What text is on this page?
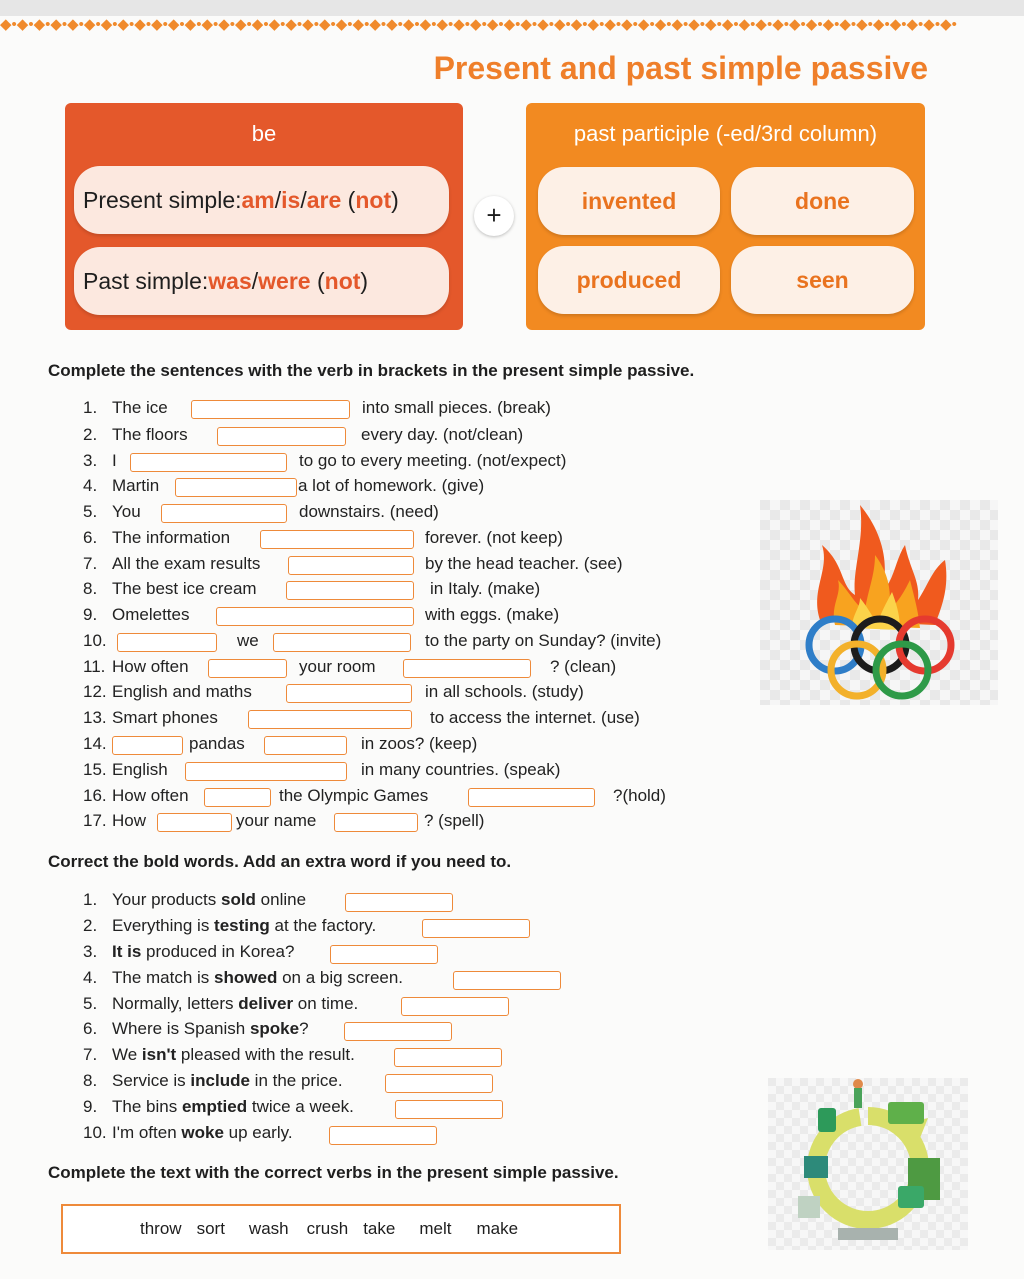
◆•◆•◆•◆•◆•◆•◆•◆•◆•◆•◆•◆•◆•◆•◆•◆•◆•◆•◆•◆•◆•◆•◆•◆•◆•◆•◆•◆•◆•◆•◆•◆•◆•◆•◆•◆•◆•◆•◆•◆•◆•◆•◆•◆•◆•◆•◆•◆•◆•◆•◆•◆•◆•◆•◆•◆•◆•
Present and past simple passive
be
Present simple: am / is / are ( not )
Past simple: was / were ( not )
+
past participle (-ed/3rd column)
invented	done
produced	seen
Complete the sentences with the verb in brackets in the present simple passive.
1. The ice	into small pieces. (break)
2. The floors	every day. (not/clean)
3. I	to go to every meeting. (not/expect)
4. Martin	a lot of homework. (give)
5. You	downstairs. (need)
6. The information	forever. (not keep)
7. All the exam results	by the head teacher. (see)
8. The best ice cream	in Italy. (make)
9. Omelettes	with eggs. (make)
10.	we	to the party on Sunday? (invite)
11. How often	your room	? (clean)
12. English and maths	in all schools. (study)
13. Smart phones	to access the internet. (use)
14.	pandas	in zoos? (keep)
15. English	in many countries. (speak)
16. How often	the Olympic Games	?(hold)
17. How	your name	? (spell)
Correct the bold words. Add an extra word if you need to.
1. Your products sold online
2. Everything is testing at the factory.
3. It is produced in Korea?
4. The match is showed on a big screen.
5. Normally, letters deliver on time.
6. Where is Spanish spoke?
7. We isn't pleased with the result.
8. Service is include in the price.
9. The bins emptied twice a week.
10. I'm often woke up early.
Complete the text with the correct verbs in the present simple passive.
throw sort wash crush take melt make
